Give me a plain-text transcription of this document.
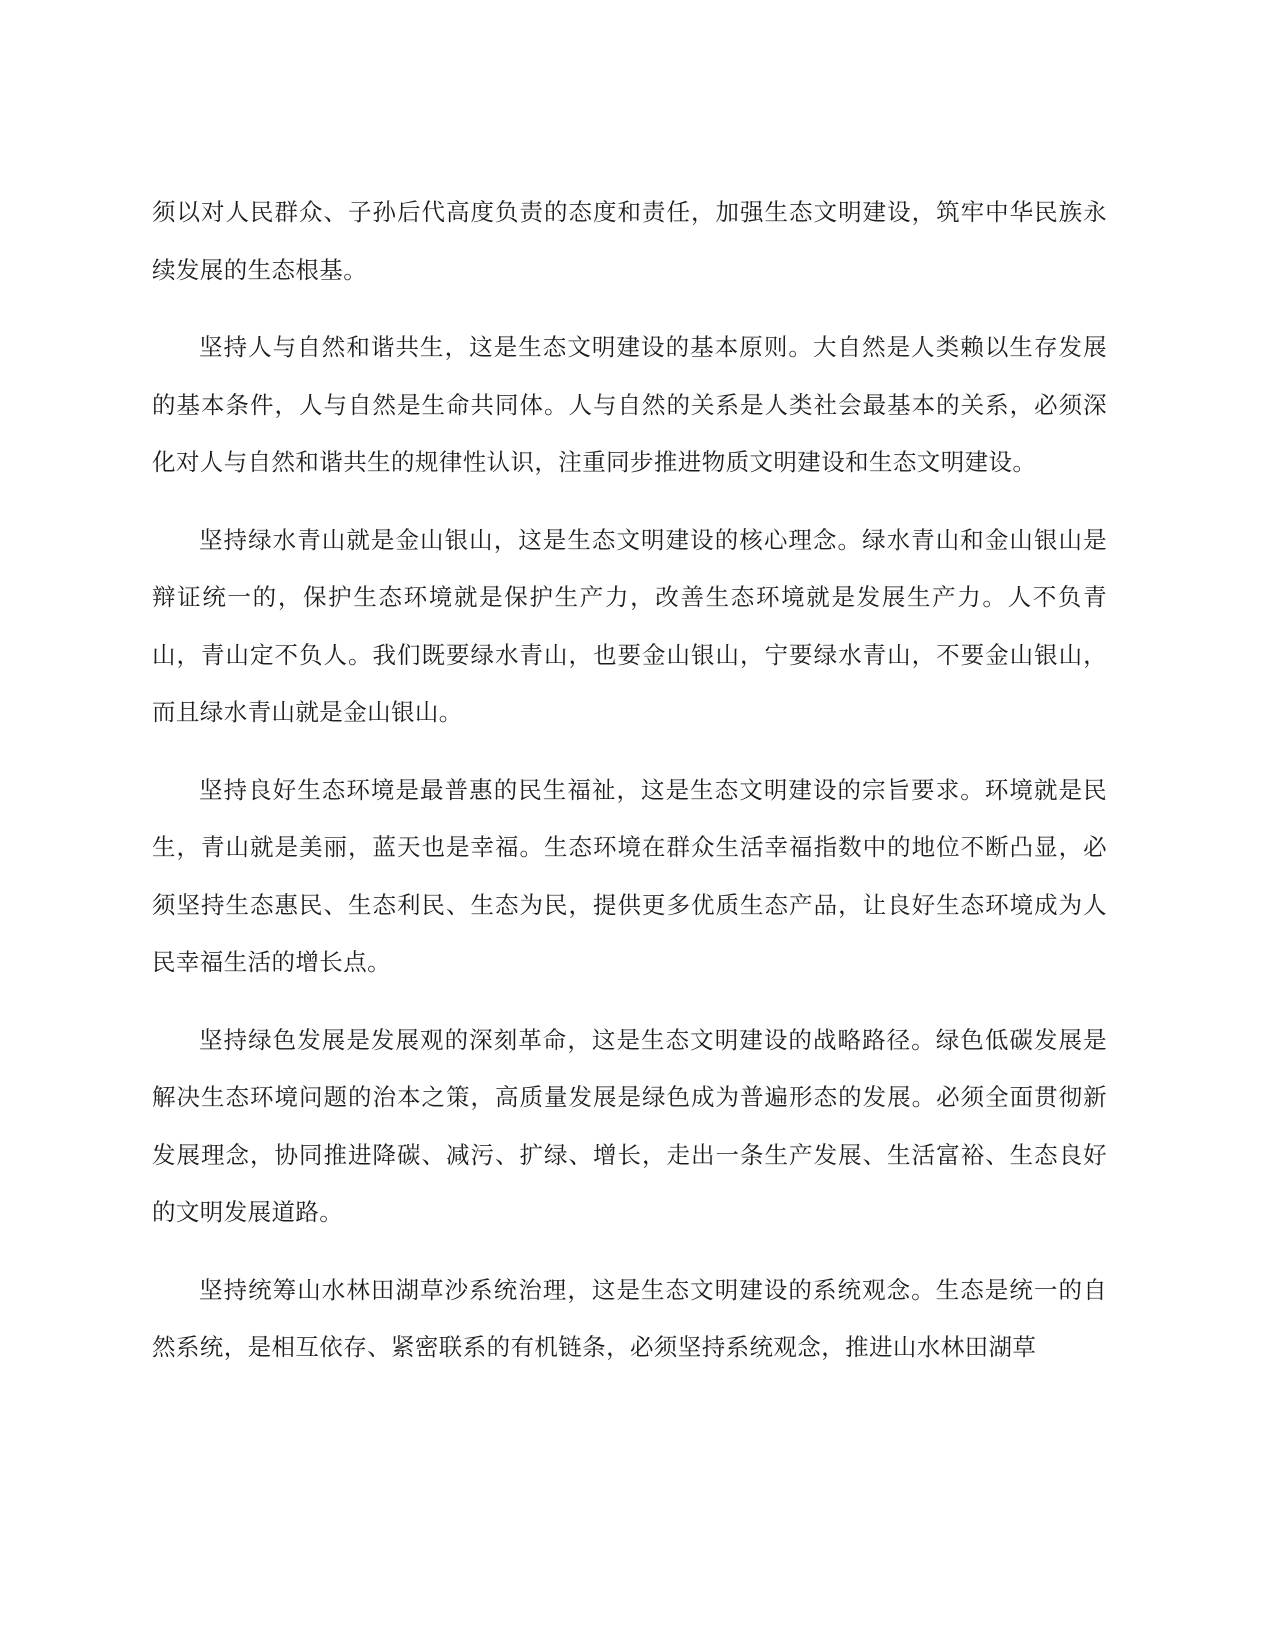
须以对人民群众、子孙后代高度负责的态度和责任，加强生态文明建设，筑牢中华民族永续发展的生态根基。

坚持人与自然和谐共生，这是生态文明建设的基本原则。大自然是人类赖以生存发展的基本条件，人与自然是生命共同体。人与自然的关系是人类社会最基本的关系，必须深化对人与自然和谐共生的规律性认识，注重同步推进物质文明建设和生态文明建设。

坚持绿水青山就是金山银山，这是生态文明建设的核心理念。绿水青山和金山银山是辩证统一的，保护生态环境就是保护生产力，改善生态环境就是发展生产力。人不负青山，青山定不负人。我们既要绿水青山，也要金山银山，宁要绿水青山，不要金山银山，而且绿水青山就是金山银山。

坚持良好生态环境是最普惠的民生福祉，这是生态文明建设的宗旨要求。环境就是民生，青山就是美丽，蓝天也是幸福。生态环境在群众生活幸福指数中的地位不断凸显，必须坚持生态惠民、生态利民、生态为民，提供更多优质生态产品，让良好生态环境成为人民幸福生活的增长点。

坚持绿色发展是发展观的深刻革命，这是生态文明建设的战略路径。绿色低碳发展是解决生态环境问题的治本之策，高质量发展是绿色成为普遍形态的发展。必须全面贯彻新发展理念，协同推进降碳、减污、扩绿、增长，走出一条生产发展、生活富裕、生态良好的文明发展道路。

坚持统筹山水林田湖草沙系统治理，这是生态文明建设的系统观念。生态是统一的自然系统，是相互依存、紧密联系的有机链条，必须坚持系统观念，推进山水林田湖草
